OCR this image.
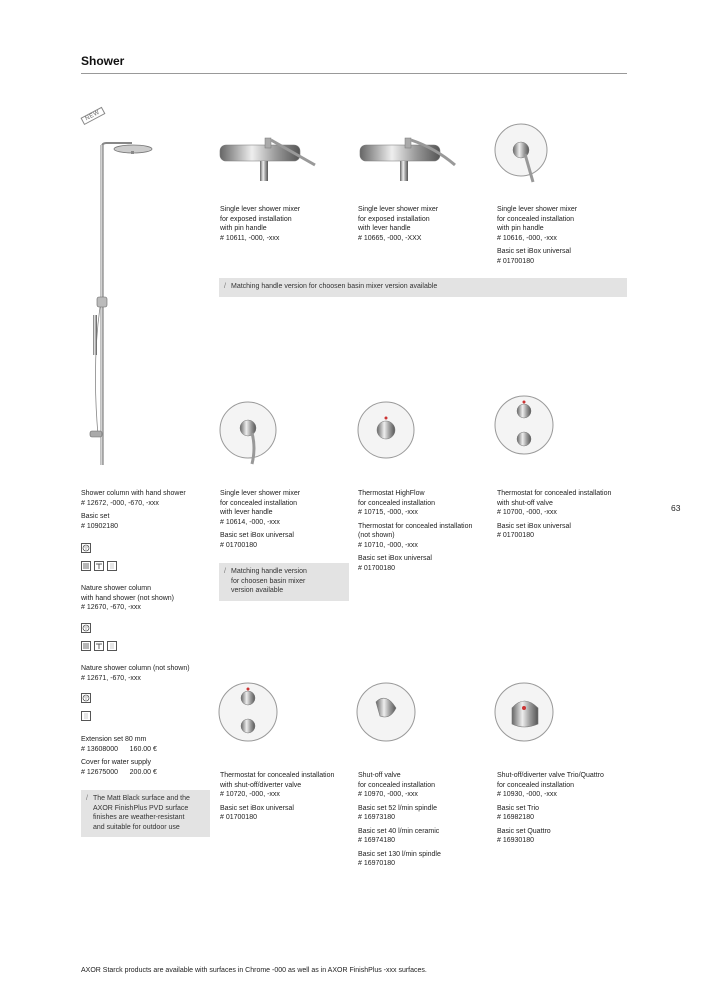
Shower
NEW
Single lever shower mixer
for exposed installation
with pin handle
# 10611, -000, -xxx
Single lever shower mixer
for exposed installation
with lever handle
# 10665, -000, -XXX
Single lever shower mixer
for concealed installation
with pin handle
# 10616, -000, -xxx
Basic set iBox universal
# 01700180
/ Matching handle version for choosen basin mixer version available
Single lever shower mixer
for concealed installation
with lever handle
# 10614, -000, -xxx
Basic set iBox universal
# 01700180
/ Matching handle version
for choosen basin mixer
version available
Thermostat HighFlow
for concealed installation
# 10715, -000, -xxx
Thermostat for concealed installation
(not shown)
# 10710, -000, -xxx
Basic set iBox universal
# 01700180
Thermostat for concealed installation
with shut-off valve
# 10700, -000, -xxx
Basic set iBox universal
# 01700180
Shower column with hand shower
# 12672, -000, -670, -xxx
Basic set
# 10902180
Nature shower column
with hand shower (not shown)
# 12670, -670, -xxx
Nature shower column (not shown)
# 12671, -670, -xxx
Extension set 80 mm
# 13608000      160.00 €
Cover for water supply
# 12675000      200.00 €
/ The Matt Black surface and the
AXOR FinishPlus PVD surface
finishes are weather-resistant
and suitable for outdoor use
Thermostat for concealed installation
with shut-off/diverter valve
# 10720, -000, -xxx
Basic set iBox universal
# 01700180
Shut-off valve
for concealed installation
# 10970, -000, -xxx
Basic set 52 l/min spindle
# 16973180
Basic set 40 l/min ceramic
# 16974180
Basic set 130 l/min spindle
# 16970180
Shut-off/diverter valve Trio/Quattro
for concealed installation
# 10930, -000, -xxx
Basic set Trio
# 16982180
Basic set Quattro
# 16930180
63
AXOR Starck products are available with surfaces in Chrome -000 as well as in AXOR FinishPlus -xxx surfaces.
